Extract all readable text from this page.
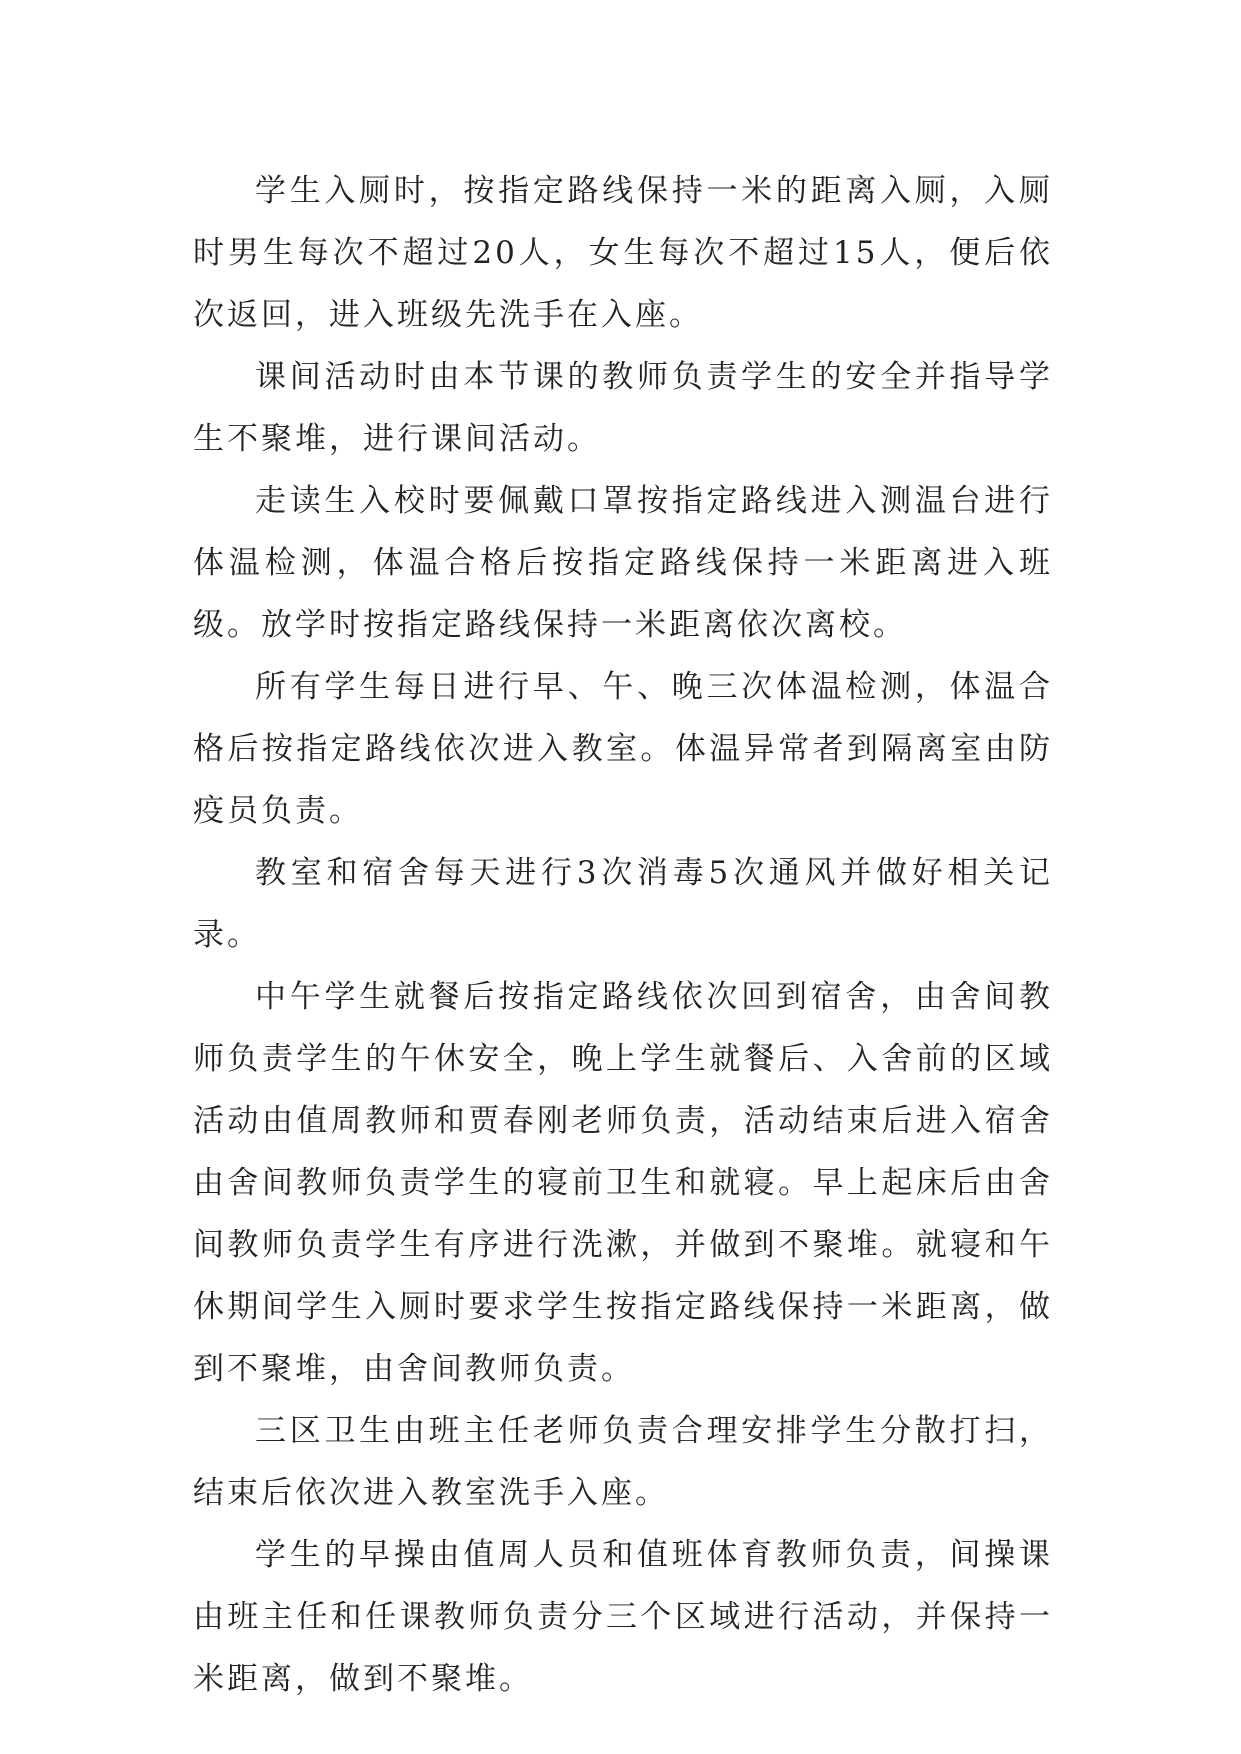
学生入厕时，按指定路线保持一米的距离入厕，入厕时男生每次不超过20人，女生每次不超过15人，便后依次返回，进入班级先洗手在入座。

课间活动时由本节课的教师负责学生的安全并指导学生不聚堆，进行课间活动。

走读生入校时要佩戴口罩按指定路线进入测温台进行体温检测，体温合格后按指定路线保持一米距离进入班级。放学时按指定路线保持一米距离依次离校。

所有学生每日进行早、午、晚三次体温检测，体温合格后按指定路线依次进入教室。体温异常者到隔离室由防疫员负责。

教室和宿舍每天进行3次消毒5次通风并做好相关记录。

中午学生就餐后按指定路线依次回到宿舍，由舍间教师负责学生的午休安全，晚上学生就餐后、入舍前的区域活动由值周教师和贾春刚老师负责，活动结束后进入宿舍由舍间教师负责学生的寝前卫生和就寝。早上起床后由舍间教师负责学生有序进行洗漱，并做到不聚堆。就寝和午休期间学生入厕时要求学生按指定路线保持一米距离，做到不聚堆，由舍间教师负责。

三区卫生由班主任老师负责合理安排学生分散打扫，结束后依次进入教室洗手入座。

学生的早操由值周人员和值班体育教师负责，间操课由班主任和任课教师负责分三个区域进行活动，并保持一米距离，做到不聚堆。
